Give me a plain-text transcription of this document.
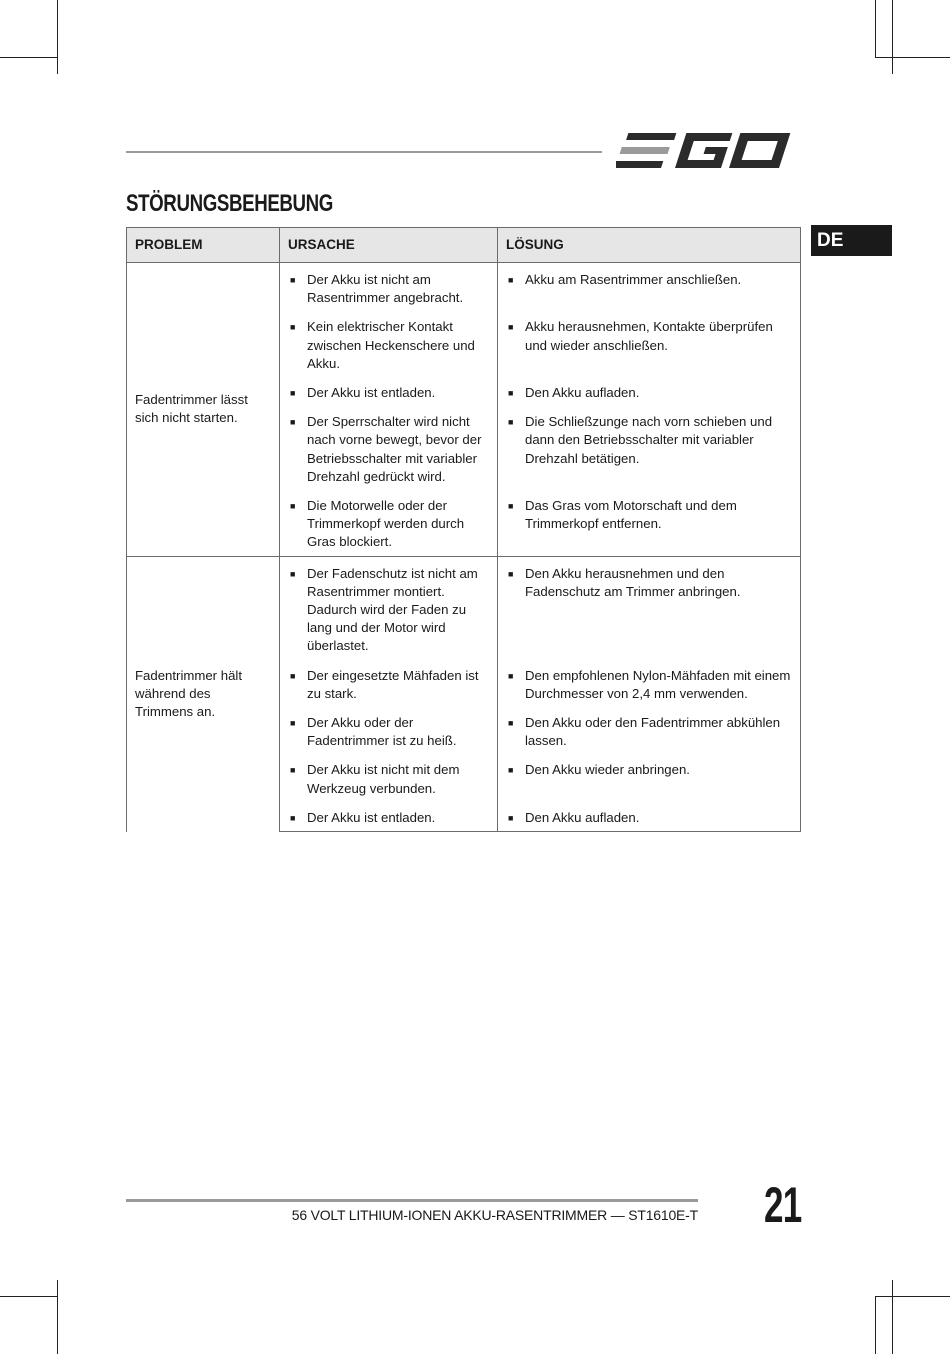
STÖRUNGSBEHEBUNG
DE
PROBLEM	URSACHE	LÖSUNG
Fadentrimmer lässt sich nicht starten.	■ Der Akku ist nicht am Rasentrimmer angebracht.	■ Akku am Rasentrimmer anschließen.

	■ Kein elektrischer Kontakt zwischen Heckenschere und Akku.	■ Akku herausnehmen, Kontakte überprüfen und wieder anschließen.

	■ Der Akku ist entladen.	■ Den Akku aufladen.

	■ Der Sperrschalter wird nicht nach vorne bewegt, bevor der Betriebsschalter mit variabler Drehzahl gedrückt wird.	■ Die Schließzunge nach vorn schieben und dann den Betriebsschalter mit variabler Drehzahl betätigen.

	■ Die Motorwelle oder der Trimmerkopf werden durch Gras blockiert.	■ Das Gras vom Motorschaft und dem Trimmerkopf entfernen.

Fadentrimmer hält während des Trimmens an.	■ Der Fadenschutz ist nicht am Rasentrimmer montiert. Dadurch wird der Faden zu lang und der Motor wird überlastet.	■ Den Akku herausnehmen und den Fadenschutz am Trimmer anbringen.

	■ Der eingesetzte Mähfaden ist zu stark.	■ Den empfohlenen Nylon-Mähfaden mit einem Durchmesser von 2,4 mm verwenden.

	■ Der Akku oder der Fadentrimmer ist zu heiß.	■ Den Akku oder den Fadentrimmer abkühlen lassen.

	■ Der Akku ist nicht mit dem Werkzeug verbunden.	■ Den Akku wieder anbringen.

	■ Der Akku ist entladen.	■ Den Akku aufladen.
56 VOLT LITHIUM-IONEN AKKU-RASENTRIMMER — ST1610E-T 21
